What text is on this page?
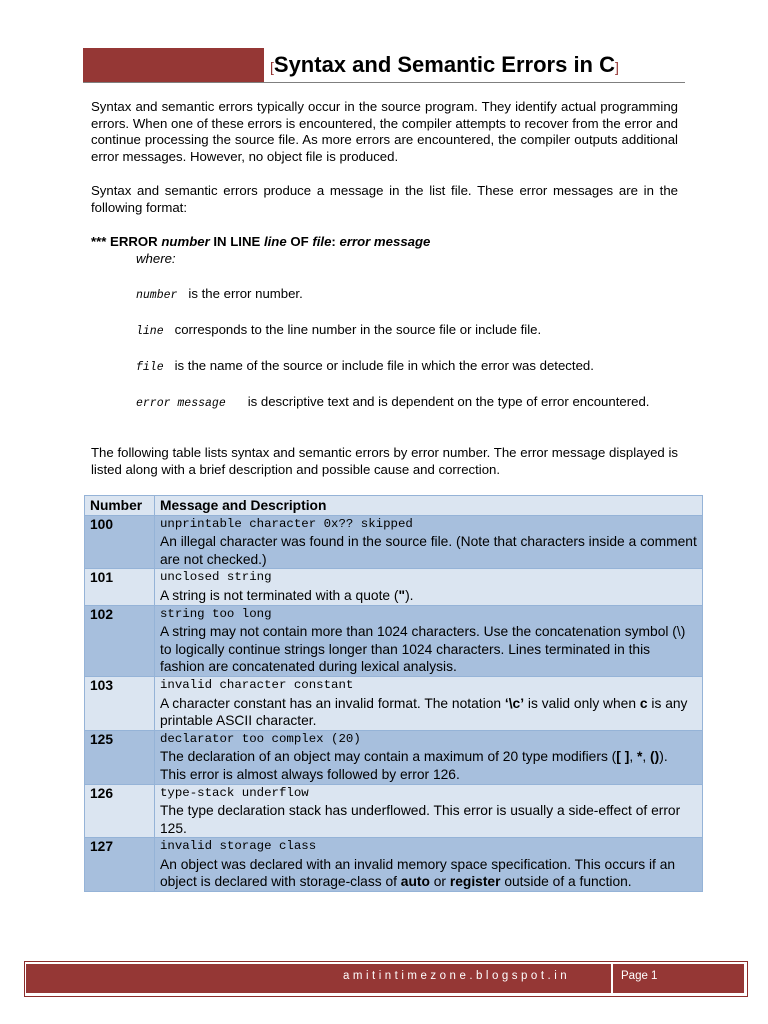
[Syntax and Semantic Errors in C]
Syntax and semantic errors typically occur in the source program. They identify actual programming errors. When one of these errors is encountered, the compiler attempts to recover from the error and continue processing the source file. As more errors are encountered, the compiler outputs additional error messages. However, no object file is produced.
Syntax and semantic errors produce a message in the list file. These error messages are in the following format:
*** ERROR number IN LINE line OF file: error message
where:
number is the error number.
line corresponds to the line number in the source file or include file.
file is the name of the source or include file in which the error was detected.
error message is descriptive text and is dependent on the type of error encountered.
The following table lists syntax and semantic errors by error number. The error message displayed is listed along with a brief description and possible cause and correction.
Number	Message and Description
100	unprintable character 0x?? skipped
An illegal character was found in the source file. (Note that characters inside a comment are not checked.)
101	unclosed string
A string is not terminated with a quote (").
102	string too long
A string may not contain more than 1024 characters. Use the concatenation symbol (\) to logically continue strings longer than 1024 characters. Lines terminated in this fashion are concatenated during lexical analysis.
103	invalid character constant
A character constant has an invalid format. The notation ‘\c’ is valid only when c is any printable ASCII character.
125	declarator too complex (20)
The declaration of an object may contain a maximum of 20 type modifiers ([ ], *, ()). This error is almost always followed by error 126.
126	type-stack underflow
The type declaration stack has underflowed. This error is usually a side-effect of error 125.
127	invalid storage class
An object was declared with an invalid memory space specification. This occurs if an object is declared with storage-class of auto or register outside of a function.
amitintimezone.blogspot.in	Page 1
